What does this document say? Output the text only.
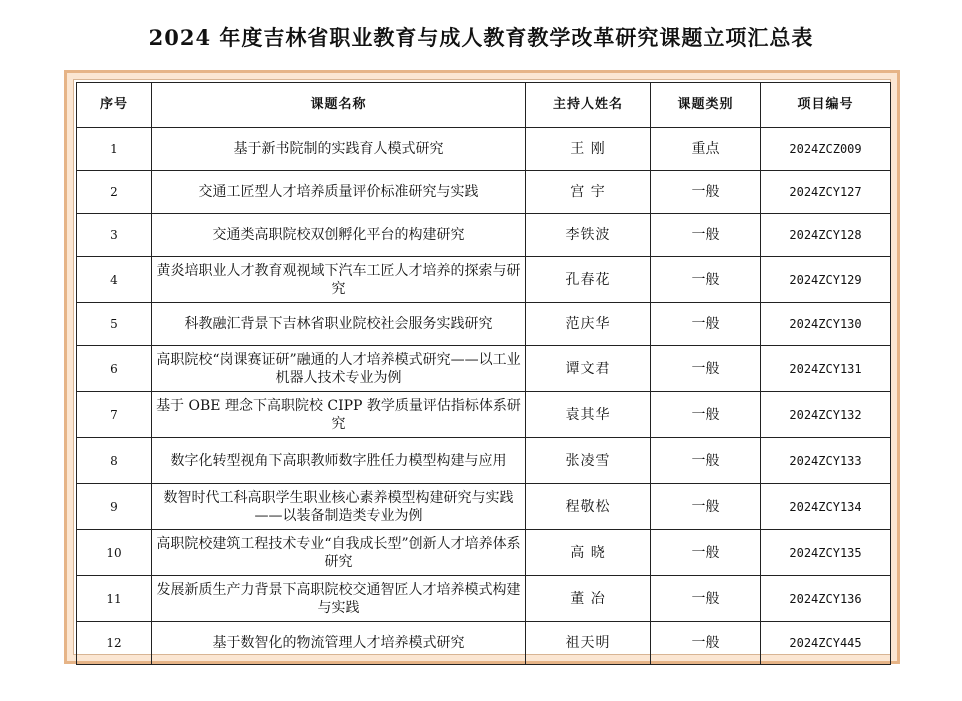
2024 年度吉林省职业教育与成人教育教学改革研究课题立项汇总表
序号	课题名称	主持人姓名	课题类别	项目编号
1	基于新书院制的实践育人模式研究	王 刚	重点	2024ZCZ009
2	交通工匠型人才培养质量评价标准研究与实践	宫 宇	一般	2024ZCY127
3	交通类高职院校双创孵化平台的构建研究	李铁波	一般	2024ZCY128
4	黄炎培职业人才教育观视域下汽车工匠人才培养的探索与研究	孔春花	一般	2024ZCY129
5	科教融汇背景下吉林省职业院校社会服务实践研究	范庆华	一般	2024ZCY130
6	高职院校“岗课赛证研”融通的人才培养模式研究——以工业机器人技术专业为例	谭文君	一般	2024ZCY131
7	基于 OBE 理念下高职院校 CIPP 教学质量评估指标体系研究	袁其华	一般	2024ZCY132
8	数字化转型视角下高职教师数字胜任力模型构建与应用	张凌雪	一般	2024ZCY133
9	数智时代工科高职学生职业核心素养模型构建研究与实践——以装备制造类专业为例	程敬松	一般	2024ZCY134
10	高职院校建筑工程技术专业“自我成长型”创新人才培养体系研究	高 晓	一般	2024ZCY135
11	发展新质生产力背景下高职院校交通智匠人才培养模式构建与实践	董 冶	一般	2024ZCY136
12	基于数智化的物流管理人才培养模式研究	祖天明	一般	2024ZCY445
